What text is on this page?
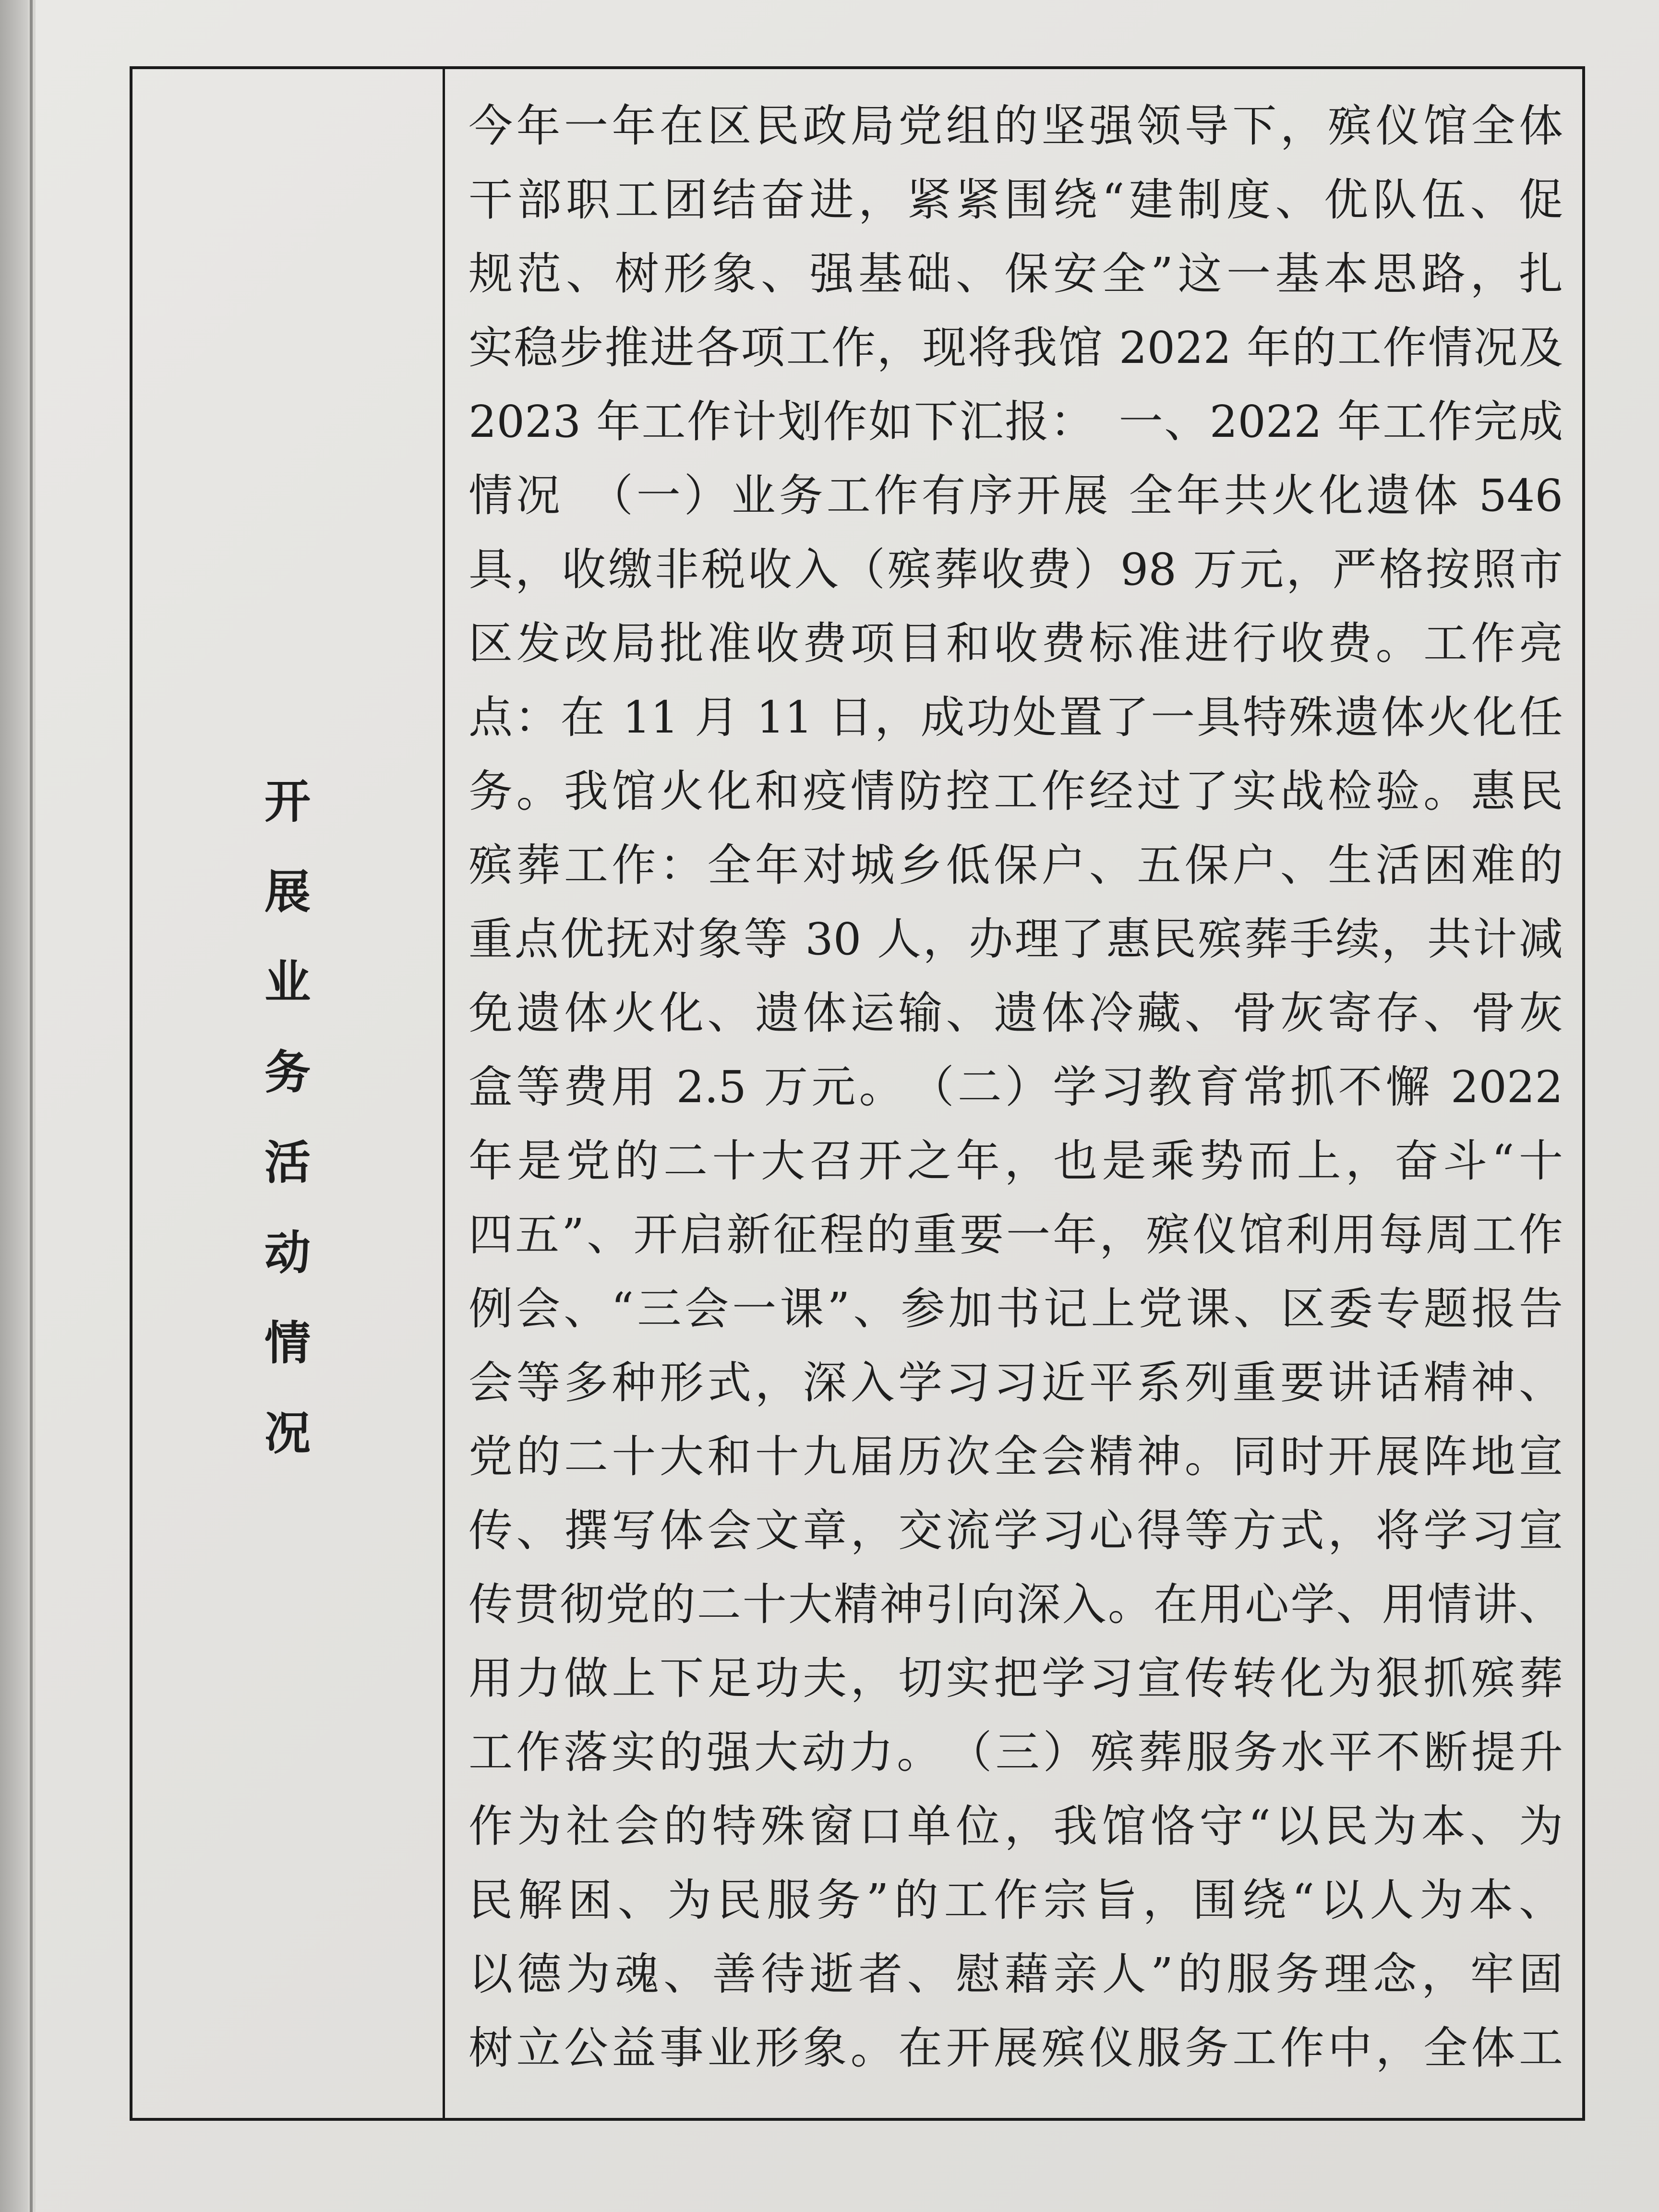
开
展
业
务
活
动
情
况
今年一年在区民政局党组的坚强领导下，殡仪馆全体
干部职工团结奋进，紧紧围绕“建制度、优队伍、促
规范、树形象、强基础、保安全”这一基本思路，扎
实稳步推进各项工作，现将我馆 2022 年的工作情况及
2023 年工作计划作如下汇报：　一、2022 年工作完成
情况　（一）业务工作有序开展 全年共火化遗体 546
具，收缴非税收入（殡葬收费）98 万元，严格按照市
区发改局批准收费项目和收费标准进行收费。工作亮
点：在 11 月 11 日，成功处置了一具特殊遗体火化任
务。我馆火化和疫情防控工作经过了实战检验。惠民
殡葬工作：全年对城乡低保户、五保户、生活困难的
重点优抚对象等 30 人，办理了惠民殡葬手续，共计减
免遗体火化、遗体运输、遗体冷藏、骨灰寄存、骨灰
盒等费用 2.5 万元。　（二）学习教育常抓不懈 2022
年是党的二十大召开之年，也是乘势而上，奋斗“十
四五”、开启新征程的重要一年，殡仪馆利用每周工作
例会、“三会一课”、参加书记上党课、区委专题报告
会等多种形式，深入学习习近平系列重要讲话精神、
党的二十大和十九届历次全会精神。同时开展阵地宣
传、撰写体会文章，交流学习心得等方式，将学习宣
传贯彻党的二十大精神引向深入。在用心学、用情讲、
用力做上下足功夫，切实把学习宣传转化为狠抓殡葬
工作落实的强大动力。　（三）殡葬服务水平不断提升
作为社会的特殊窗口单位，我馆恪守“以民为本、为
民解困、为民服务”的工作宗旨，围绕“以人为本、
以德为魂、善待逝者、慰藉亲人”的服务理念，牢固
树立公益事业形象。在开展殡仪服务工作中，全体工
